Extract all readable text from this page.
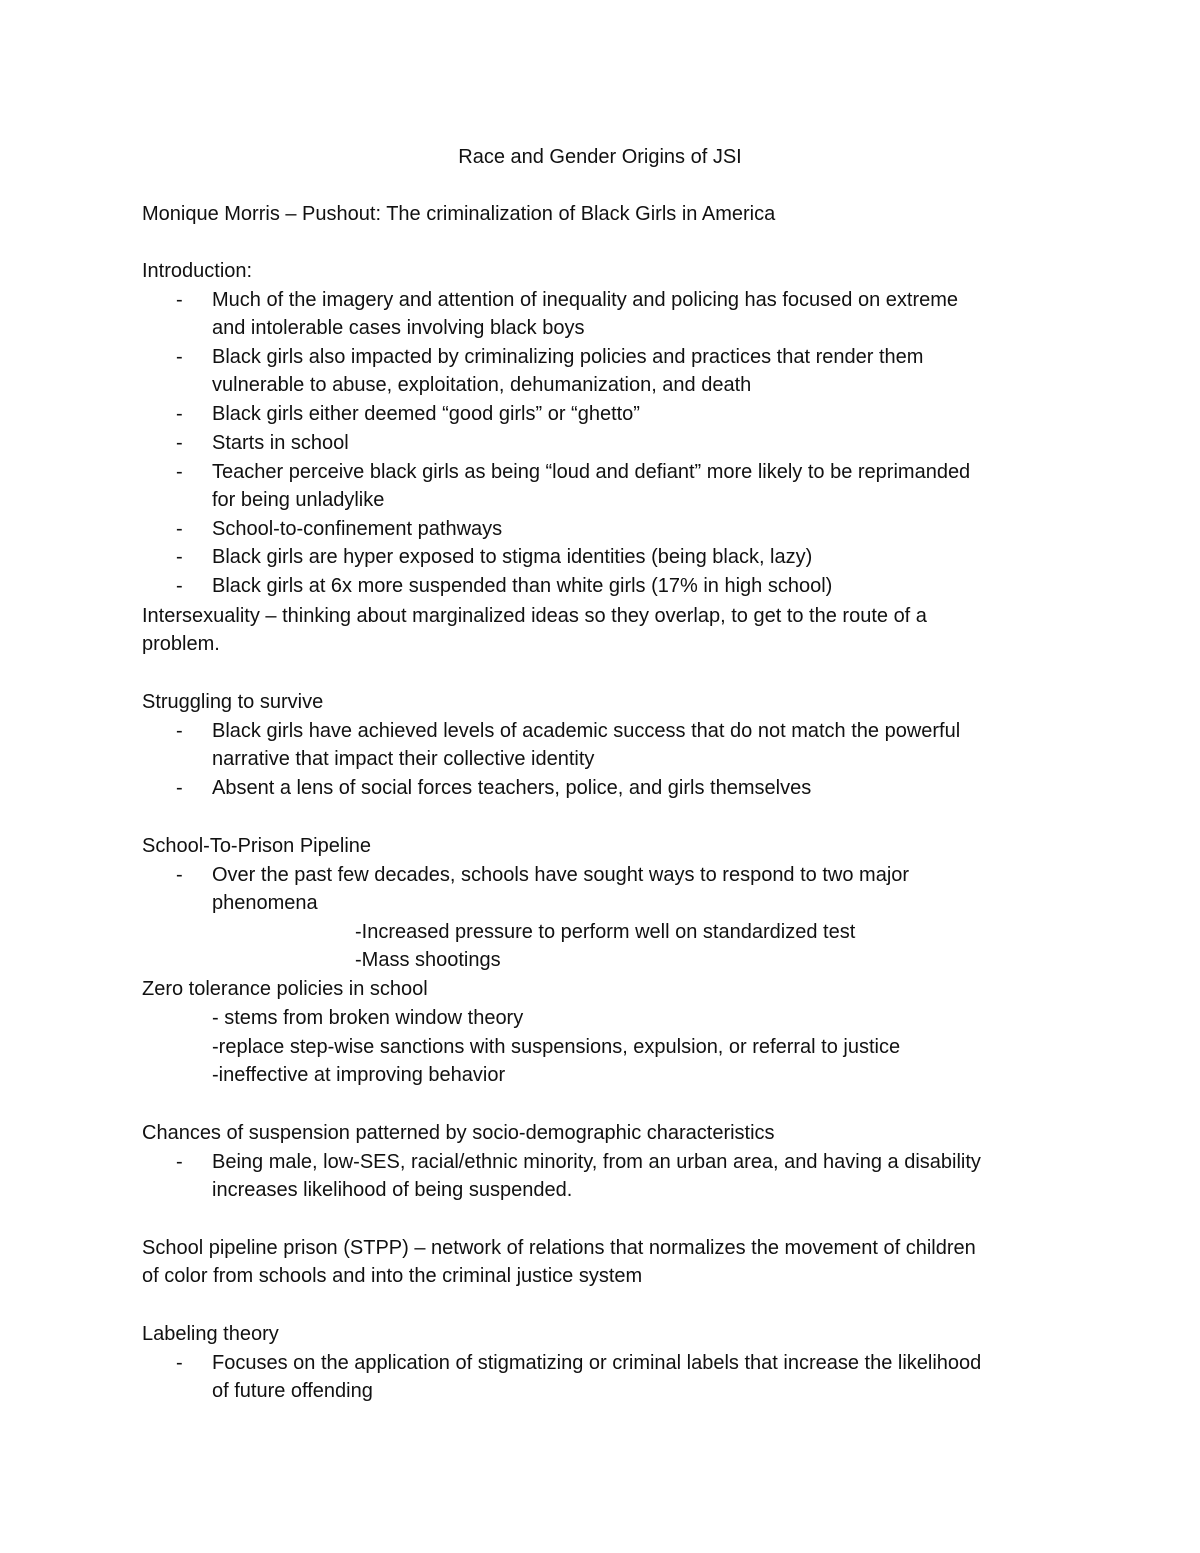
Race and Gender Origins of JSI
Monique Morris – Pushout: The criminalization of Black Girls in America
Introduction:
- Much of the imagery and attention of inequality and policing has focused on extreme
and intolerable cases involving black boys
- Black girls also impacted by criminalizing policies and practices that render them
vulnerable to abuse, exploitation, dehumanization, and death
- Black girls either deemed “good girls” or “ghetto”
- Starts in school
- Teacher perceive black girls as being “loud and defiant” more likely to be reprimanded
for being unladylike
- School-to-confinement pathways
- Black girls are hyper exposed to stigma identities (being black, lazy)
- Black girls at 6x more suspended than white girls (17% in high school)
Intersexuality – thinking about marginalized ideas so they overlap, to get to the route of a
problem.
Struggling to survive
- Black girls have achieved levels of academic success that do not match the powerful
narrative that impact their collective identity
- Absent a lens of social forces teachers, police, and girls themselves
School-To-Prison Pipeline
- Over the past few decades, schools have sought ways to respond to two major
phenomena
-Increased pressure to perform well on standardized test
-Mass shootings
Zero tolerance policies in school
- stems from broken window theory
-replace step-wise sanctions with suspensions, expulsion, or referral to justice
-ineffective at improving behavior
Chances of suspension patterned by socio-demographic characteristics
- Being male, low-SES, racial/ethnic minority, from an urban area, and having a disability
increases likelihood of being suspended.
School pipeline prison (STPP) – network of relations that normalizes the movement of children
of color from schools and into the criminal justice system
Labeling theory
- Focuses on the application of stigmatizing or criminal labels that increase the likelihood
of future offending
